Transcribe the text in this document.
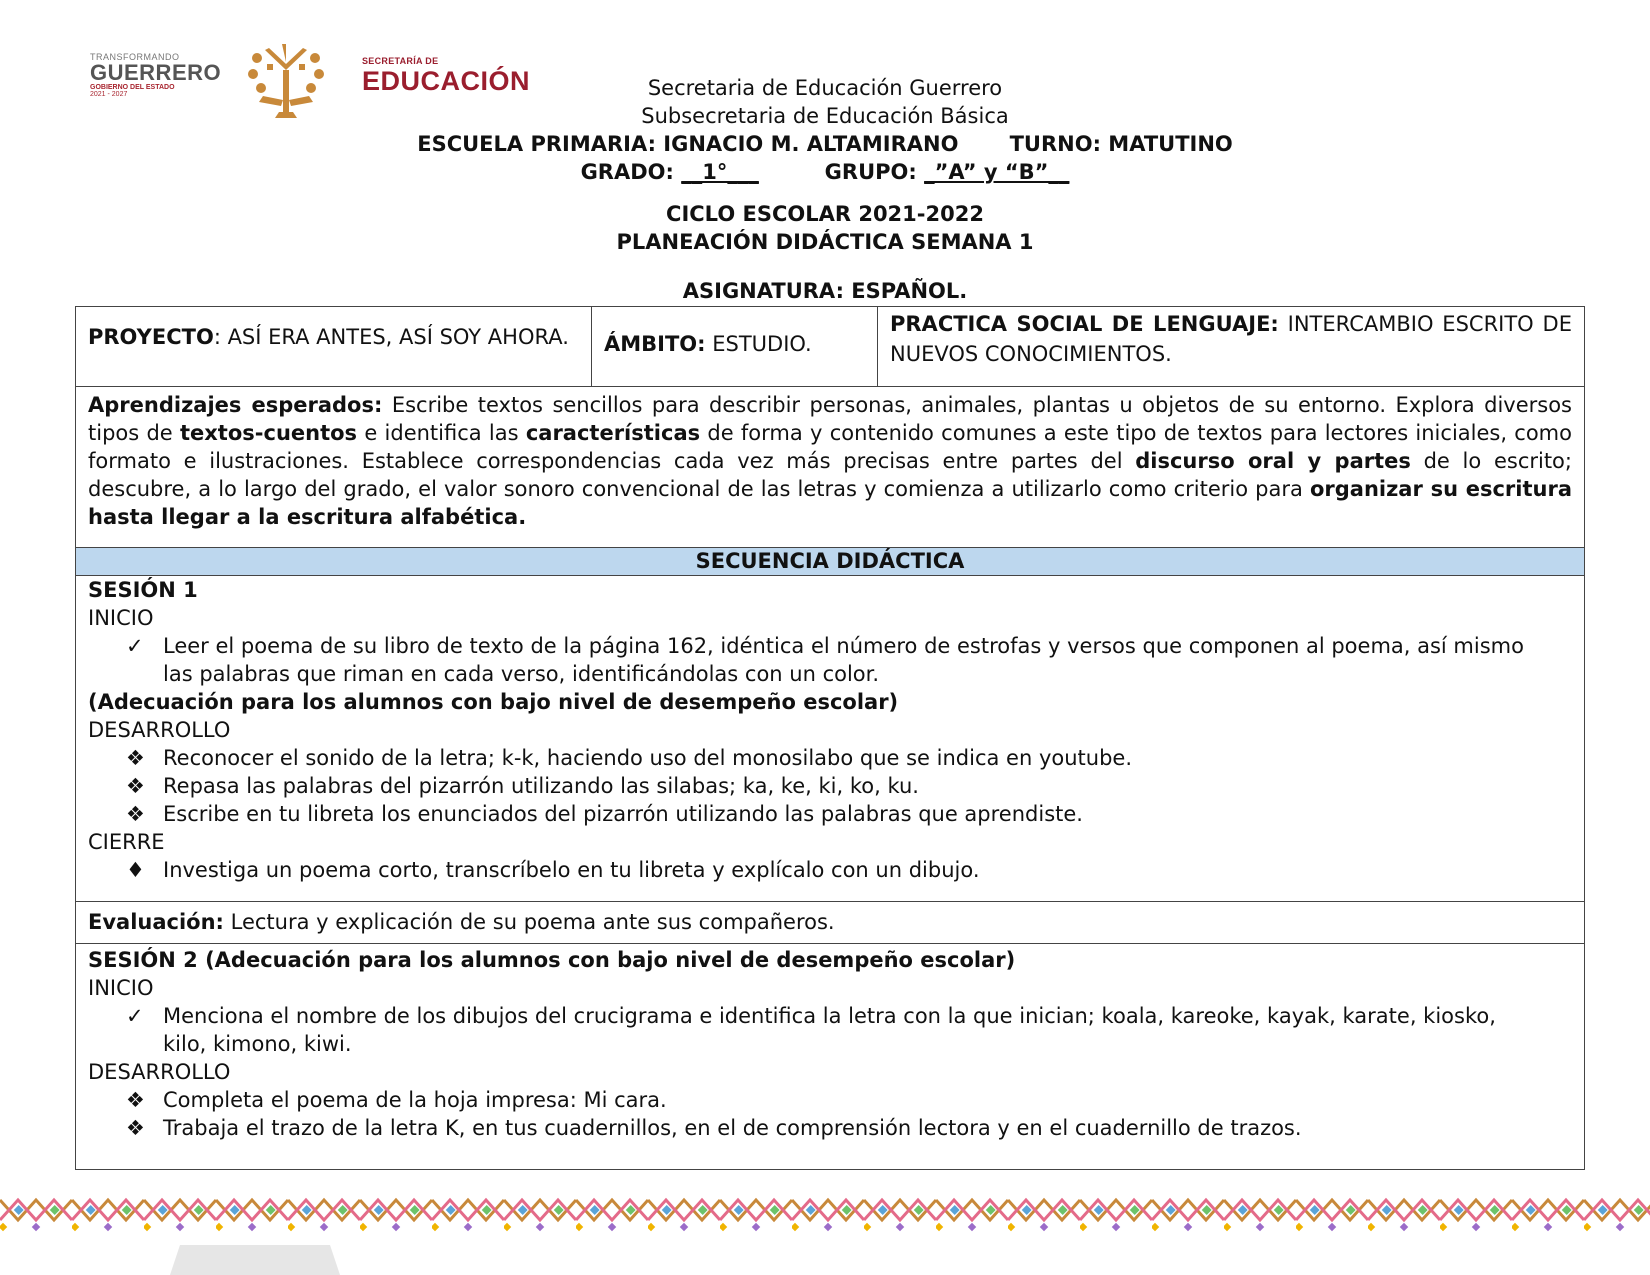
TRANSFORMANDO
GUERRERO
GOBIERNO DEL ESTADO
2021 - 2027
SECRETARÍA DE
EDUCACIÓN	Secretaria de Educación Guerrero
Subsecretaria de Educación Básica
ESCUELA PRIMARIA: IGNACIO M. ALTAMIRANO TURNO: MATUTINO
GRADO: __1°___	GRUPO: _”A” y “B”__
CICLO ESCOLAR 2021-2022
PLANEACIÓN DIDÁCTICA SEMANA 1
ASIGNATURA: ESPAÑOL.
PROYECTO: ASÍ ERA ANTES, ASÍ SOY AHORA.	ÁMBITO: ESTUDIO.
PRACTICA SOCIAL DE LENGUAJE: INTERCAMBIO ESCRITO DE NUEVOS CONOCIMIENTOS.
Aprendizajes esperados: Escribe textos sencillos para describir personas, animales, plantas u objetos de su entorno. Explora diversos tipos de textos-cuentos e identifica las características de forma y contenido comunes a este tipo de textos para lectores iniciales, como formato e ilustraciones. Establece correspondencias cada vez más precisas entre partes del discurso oral y partes de lo escrito; descubre, a lo largo del grado, el valor sonoro convencional de las letras y comienza a utilizarlo como criterio para organizar su escritura hasta llegar a la escritura alfabética.
SECUENCIA DIDÁCTICA
SESIÓN 1
INICIO
✓ Leer el poema de su libro de texto de la página 162, idéntica el número de estrofas y versos que componen al poema, así mismo las palabras que riman en cada verso, identificándolas con un color.
(Adecuación para los alumnos con bajo nivel de desempeño escolar)
DESARROLLO
❖ Reconocer el sonido de la letra; k-k, haciendo uso del monosilabo que se indica en youtube.
❖ Repasa las palabras del pizarrón utilizando las silabas; ka, ke, ki, ko, ku.
❖ Escribe en tu libreta los enunciados del pizarrón utilizando las palabras que aprendiste.
CIERRE
♦ Investiga un poema corto, transcríbelo en tu libreta y explícalo con un dibujo.
Evaluación: Lectura y explicación de su poema ante sus compañeros.
SESIÓN 2 (Adecuación para los alumnos con bajo nivel de desempeño escolar)
INICIO
✓ Menciona el nombre de los dibujos del crucigrama e identifica la letra con la que inician; koala, kareoke, kayak, karate, kiosko, kilo, kimono, kiwi.
DESARROLLO
❖ Completa el poema de la hoja impresa: Mi cara.
❖ Trabaja el trazo de la letra K, en tus cuadernillos, en el de comprensión lectora y en el cuadernillo de trazos.
